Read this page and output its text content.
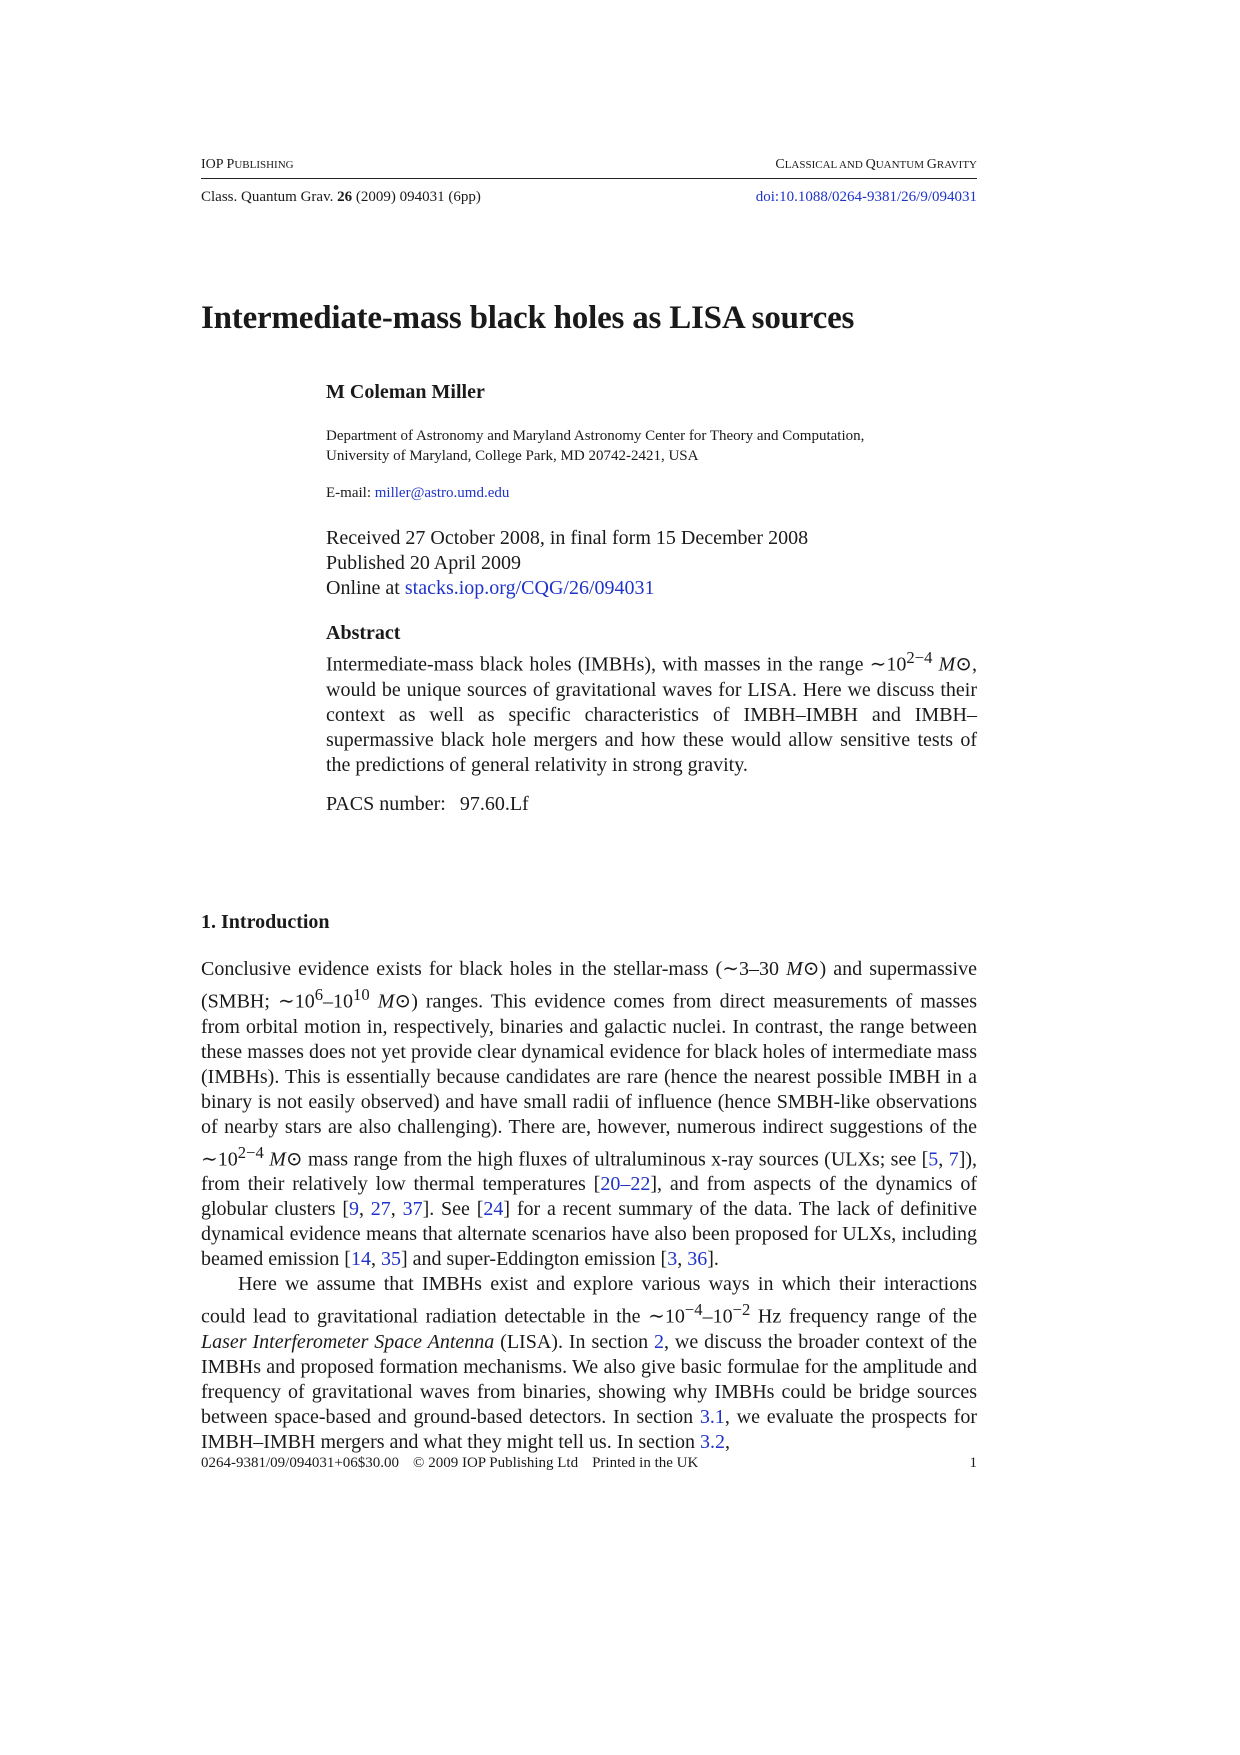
IOP PUBLISHING	CLASSICAL AND QUANTUM GRAVITY
Class. Quantum Grav. 26 (2009) 094031 (6pp)	doi:10.1088/0264-9381/26/9/094031
Intermediate-mass black holes as LISA sources
M Coleman Miller
Department of Astronomy and Maryland Astronomy Center for Theory and Computation,
University of Maryland, College Park, MD 20742-2421, USA
E-mail: miller@astro.umd.edu
Received 27 October 2008, in final form 15 December 2008
Published 20 April 2009
Online at stacks.iop.org/CQG/26/094031
Abstract
Intermediate-mass black holes (IMBHs), with masses in the range $\sim 10^{2-4}$ M⊙, would be unique sources of gravitational waves for LISA. Here we discuss their context as well as specific characteristics of IMBH–IMBH and IMBH–supermassive black hole mergers and how these would allow sensitive tests of the predictions of general relativity in strong gravity.
PACS number: 97.60.Lf
1. Introduction

Conclusive evidence exists for black holes in the stellar-mass (∼3–30 M⊙) and supermassive (SMBH; $\sim 10^6-10^{10}$ M⊙) ranges. This evidence comes from direct measurements of masses from orbital motion in, respectively, binaries and galactic nuclei. In contrast, the range between these masses does not yet provide clear dynamical evidence for black holes of intermediate mass (IMBHs). This is essentially because candidates are rare (hence the nearest possible IMBH in a binary is not easily observed) and have small radii of influence (hence SMBH-like observations of nearby stars are also challenging). There are, however, numerous indirect suggestions of the $\sim 10^{2-4}$ M⊙ mass range from the high fluxes of ultraluminous x-ray sources (ULXs; see [5, 7]), from their relatively low thermal temperatures [20–22], and from aspects of the dynamics of globular clusters [9, 27, 37]. See [24] for a recent summary of the data. The lack of definitive dynamical evidence means that alternate scenarios have also been proposed for ULXs, including beamed emission [14, 35] and super-Eddington emission [3, 36].

Here we assume that IMBHs exist and explore various ways in which their interactions could lead to gravitational radiation detectable in the $\sim 10^{-4}-10^{-2}$ Hz frequency range of the Laser Interferometer Space Antenna (LISA). In section 2, we discuss the broader context of the IMBHs and proposed formation mechanisms. We also give basic formulae for the amplitude and frequency of gravitational waves from binaries, showing why IMBHs could be bridge sources between space-based and ground-based detectors. In section 3.1, we evaluate the prospects for IMBH–IMBH mergers and what they might tell us. In section 3.2,

0264-9381/09/094031+06$30.00 © 2009 IOP Publishing Ltd Printed in the UK	1
